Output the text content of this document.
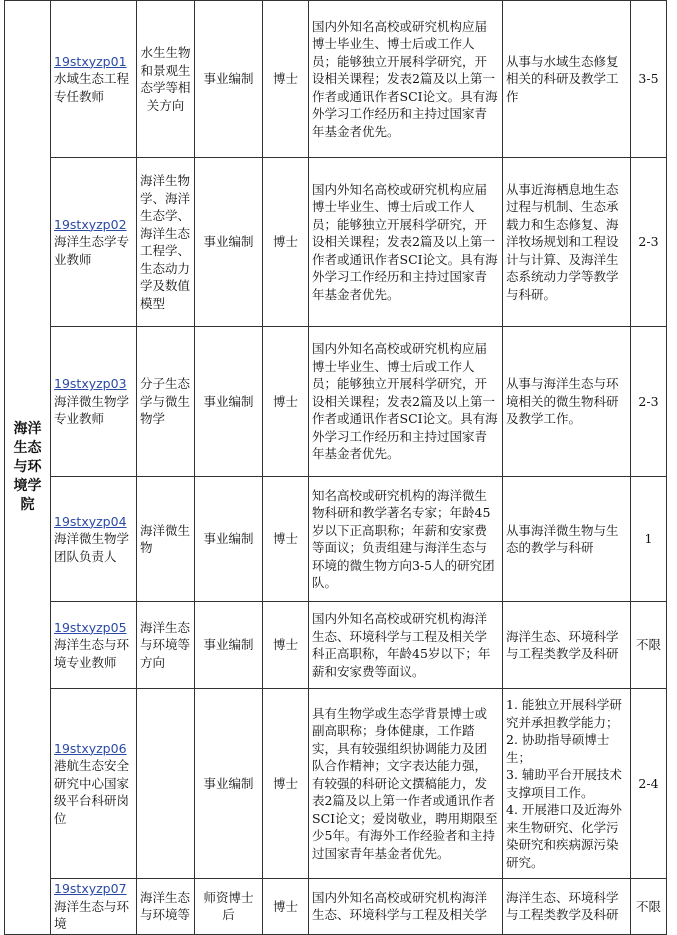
海洋生态与环境学院	19stxyzp01水域生态工程专任教师	水生生物和景观生态学等相关方向	事业编制	博士	国内外知名高校或研究机构应届博士毕业生、博士后或工作人员；能够独立开展科学研究，开设相关课程；发表2篇及以上第一作者或通讯作者SCI论文。具有海外学习工作经历和主持过国家青年基金者优先。	从事与水域生态修复相关的科研及教学工作	3-5
	19stxyzp02海洋生态学专业教师	海洋生物学、海洋生态学、海洋生态工程学、生态动力学及数值模型	事业编制	博士	国内外知名高校或研究机构应届博士毕业生、博士后或工作人员；能够独立开展科学研究，开设相关课程；发表2篇及以上第一作者或通讯作者SCI论文。具有海外学习工作经历和主持过国家青年基金者优先。	从事近海栖息地生态过程与机制、生态承载力和生态修复、海洋牧场规划和工程设计与计算、及海洋生态系统动力学等教学与科研。	2-3
	19stxyzp03海洋微生物学专业教师	分子生态学与微生物学	事业编制	博士	国内外知名高校或研究机构应届博士毕业生、博士后或工作人员；能够独立开展科学研究，开设相关课程；发表2篇及以上第一作者或通讯作者SCI论文。具有海外学习工作经历和主持过国家青年基金者优先。	从事与海洋生态与环境相关的微生物科研及教学工作。	2-3
	19stxyzp04海洋微生物学团队负责人	海洋微生物	事业编制	博士	知名高校或研究机构的海洋微生物科研和教学著名专家；年龄45岁以下正高职称；年薪和安家费等面议；负责组建与海洋生态与环境的微生物方向3-5人的研究团队。	从事海洋微生物与生态的教学与科研	1
	19stxyzp05海洋生态与环境专业教师	海洋生态与环境等方向	事业编制	博士	国内外知名高校或研究机构海洋生态、环境科学与工程及相关学科正高职称，年龄45岁以下；年薪和安家费等面议。	海洋生态、环境科学与工程类教学及科研	不限
	19stxyzp06港航生态安全研究中心国家级平台科研岗位		事业编制	博士	具有生物学或生态学背景博士或副高职称；身体健康，工作踏实，具有较强组织协调能力及团队合作精神；文字表达能力强，有较强的科研论文撰稿能力，发表2篇及以上第一作者或通讯作者SCI论文；爱岗敬业，聘用期限至少5年。有海外工作经验者和主持过国家青年基金者优先。	1. 能独立开展科学研究并承担教学能力；
2. 协助指导硕博士生；
3. 辅助平台开展技术支撑项目工作。
4. 开展港口及近海外来生物研究、化学污染研究和疾病源污染研究。	2-4
	19stxyzp07海洋生态与环境	海洋生态与环境等	师资博士后	博士	国内外知名高校或研究机构海洋生态、环境科学与工程及相关学	海洋生态、环境科学与工程类教学及科研	不限
